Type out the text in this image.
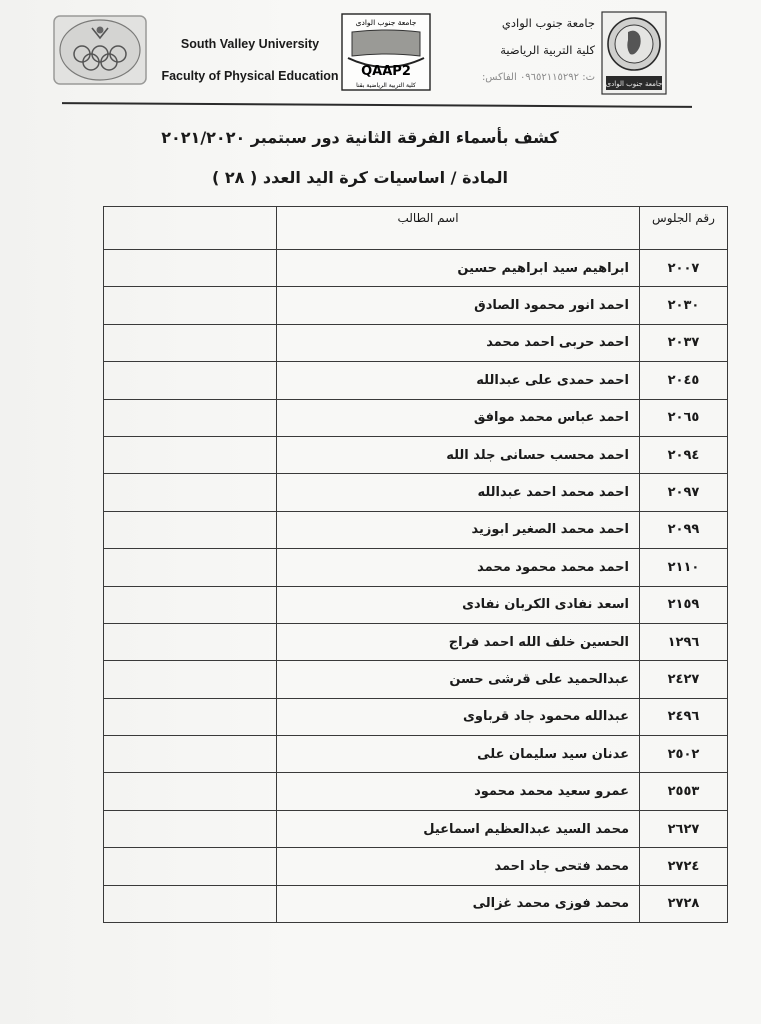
South Valley University
Faculty of Physical Education
جامعة جنوب الوادى
QAAP2
كلية التربية الرياضية بقنا
جامعة جنوب الوادي
كلية التربية الرياضية
ت: ٠٩٦٥٢١١٥٢٩٢ الفاكس:
جامعة جنوب الوادى
كشف بأسماء الفرقة الثانية دور سبتمبر ٢٠٢١/٢٠٢٠
المادة / اساسيات كرة اليد العدد ( ٢٨ )
	اسم الطالب	رقم الجلوس
	ابراهيم سيد ابراهيم حسين	٢٠٠٧
	احمد انور محمود الصادق	٢٠٣٠
	احمد حربى احمد محمد	٢٠٣٧
	احمد حمدى على عبدالله	٢٠٤٥
	احمد عباس محمد موافق	٢٠٦٥
	احمد محسب حسانى جلد الله	٢٠٩٤
	احمد محمد احمد عبدالله	٢٠٩٧
	احمد محمد الصغير ابوزيد	٢٠٩٩
	احمد محمد محمود محمد	٢١١٠
	اسعد نفادى الكربان نفادى	٢١٥٩
	الحسين خلف الله احمد فراج	١٢٩٦
	عبدالحميد على قرشى حسن	٢٤٢٧
	عبدالله محمود جاد قرباوى	٢٤٩٦
	عدنان سيد سليمان على	٢٥٠٢
	عمرو سعيد محمد محمود	٢٥٥٣
	محمد السيد عبدالعظيم اسماعيل	٢٦٢٧
	محمد فتحى جاد احمد	٢٧٢٤
	محمد فوزى محمد غزالى	٢٧٢٨
